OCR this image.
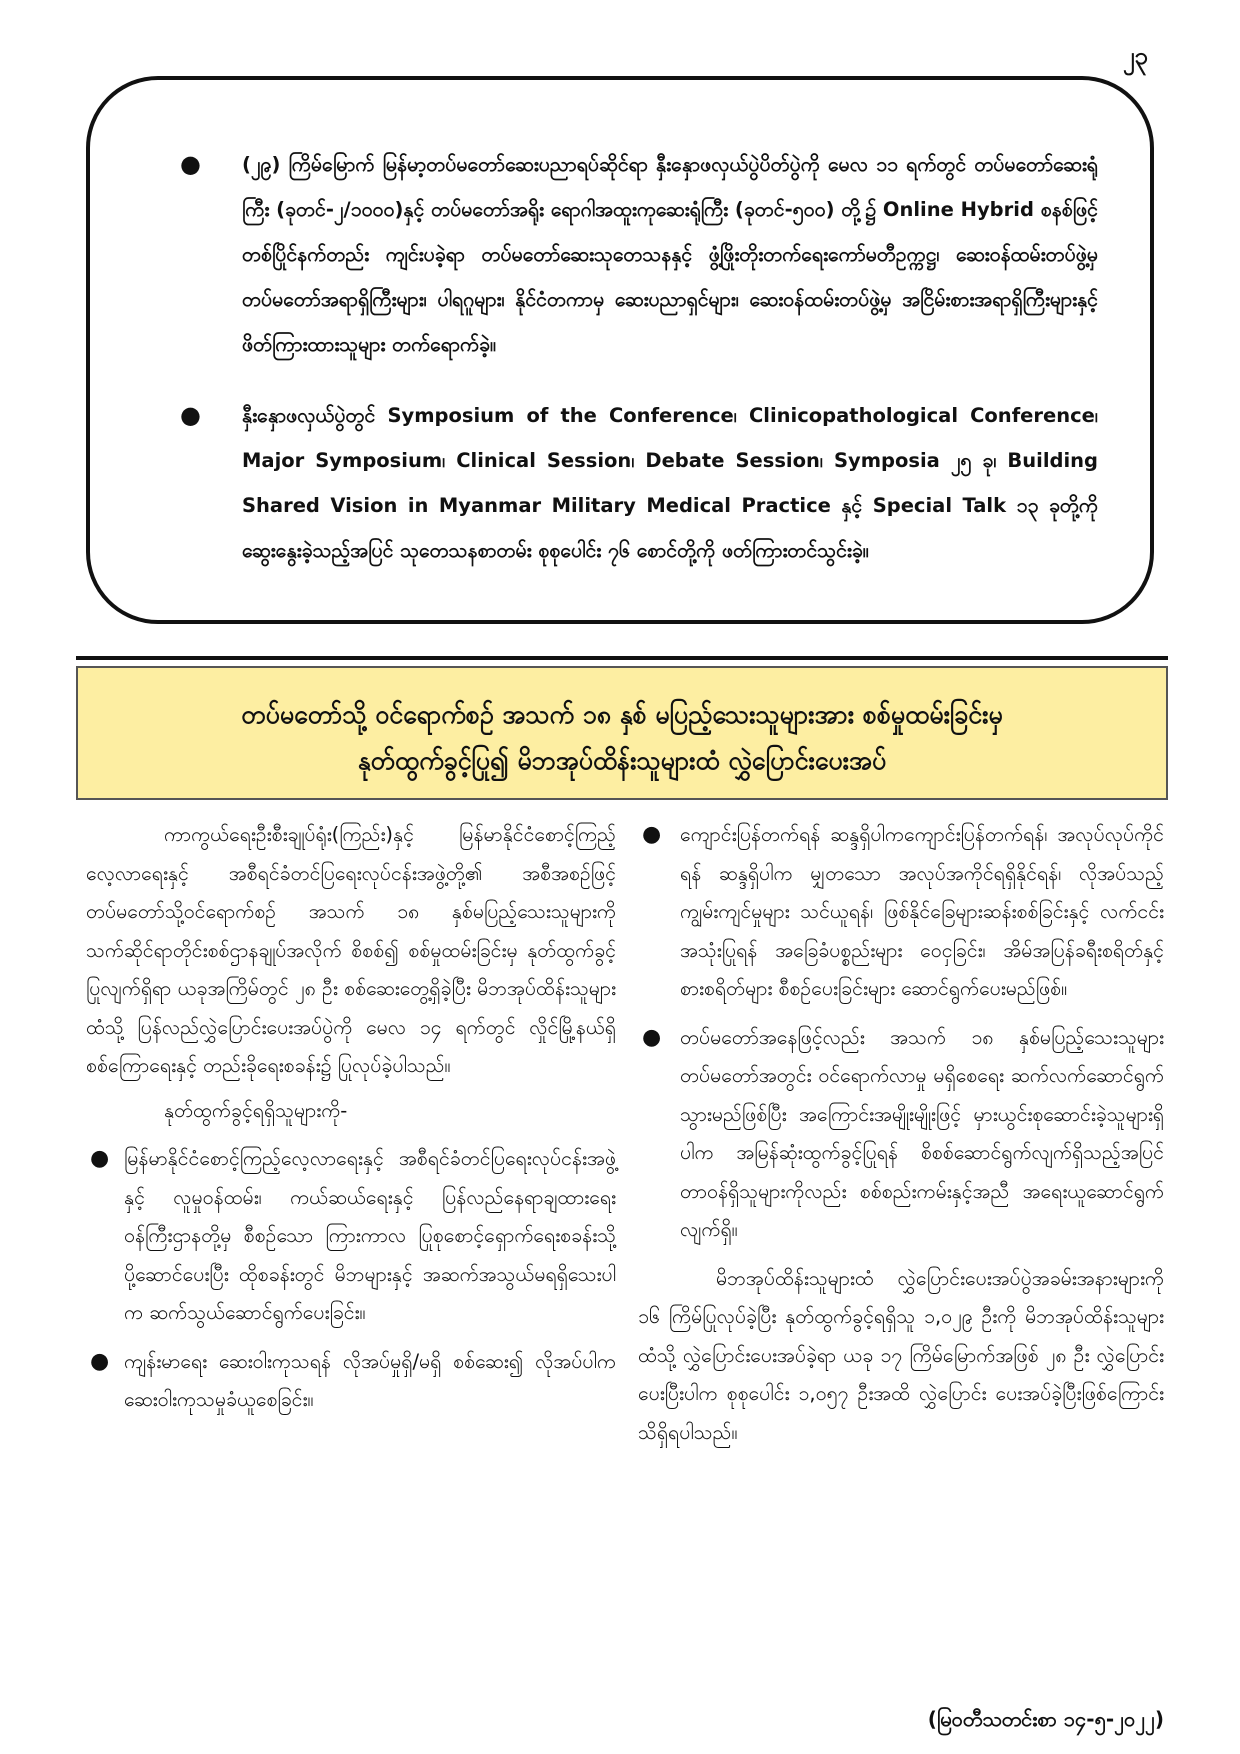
၂၃
● (၂၉) ကြိမ်မြောက် မြန်မာ့တပ်မတော်ဆေးပညာရပ်ဆိုင်ရာ နှီးနှောဖလှယ်ပွဲပိတ်ပွဲကို မေလ ၁၁ ရက်တွင် တပ်မတော်ဆေးရုံကြီး (ခုတင်-၂/၁၀၀၀)နှင့် တပ်မတော်အရိုး ရောဂါအထူးကုဆေးရုံကြီး (ခုတင်-၅၀၀) တို့၌ Online Hybrid စနစ်ဖြင့် တစ်ပြိုင်နက်တည်း ကျင်းပခဲ့ရာ တပ်မတော်ဆေးသုတေသနနှင့် ဖွံ့ဖြိုးတိုးတက်ရေးကော်မတီဥက္ကဋ္ဌ၊ ဆေးဝန်ထမ်းတပ်ဖွဲ့မှ တပ်မတော်အရာရှိကြီးများ၊ ပါရဂူများ၊ နိုင်ငံတကာမှ ဆေးပညာရှင်များ၊ ဆေးဝန်ထမ်းတပ်ဖွဲ့မှ အငြိမ်းစားအရာရှိကြီးများနှင့် ဖိတ်ကြားထားသူများ တက်ရောက်ခဲ့။
● နှီးနှောဖလှယ်ပွဲတွင် Symposium of the Conference၊ Clinicopathological Conference၊ Major Symposium၊ Clinical Session၊ Debate Session၊ Symposia ၂၅ ခု၊ Building Shared Vision in Myanmar Military Medical Practice နှင့် Special Talk ၁၃ ခုတို့ကို ဆွေးနွေးခဲ့သည့်အပြင် သုတေသနစာတမ်း စုစုပေါင်း ၇၆ စောင်တို့ကို ဖတ်ကြားတင်သွင်းခဲ့။
တပ်မတော်သို့ ဝင်ရောက်စဉ် အသက် ၁၈ နှစ် မပြည့်သေးသူများအား စစ်မှုထမ်းခြင်းမှ
နုတ်ထွက်ခွင့်ပြု၍ မိဘအုပ်ထိန်းသူများထံ လွှဲပြောင်းပေးအပ်

ကာကွယ်ရေးဦးစီးချုပ်ရုံး(ကြည်း)နှင့် မြန်မာနိုင်ငံစောင့်ကြည့်လေ့လာရေးနှင့် အစီရင်ခံတင်ပြရေးလုပ်ငန်းအဖွဲ့တို့၏ အစီအစဉ်ဖြင့် တပ်မတော်သို့ဝင်ရောက်စဉ် အသက် ၁၈ နှစ်မပြည့်သေးသူများကို သက်ဆိုင်ရာတိုင်းစစ်ဌာနချုပ်အလိုက် စိစစ်၍ စစ်မှုထမ်းခြင်းမှ နုတ်ထွက်ခွင့်ပြုလျက်ရှိရာ ယခုအကြိမ်တွင် ၂၈ ဦး စစ်ဆေးတွေ့ရှိခဲ့ပြီး မိဘအုပ်ထိန်းသူများထံသို့ ပြန်လည်လွှဲပြောင်းပေးအပ်ပွဲကို မေလ ၁၄ ရက်တွင် လှိုင်မြို့နယ်ရှိ စစ်ကြောရေးနှင့် တည်းခိုရေးစခန်း၌ ပြုလုပ်ခဲ့ပါသည်။

နုတ်ထွက်ခွင့်ရရှိသူများကို-

● မြန်မာနိုင်ငံစောင့်ကြည့်လေ့လာရေးနှင့် အစီရင်ခံတင်ပြရေးလုပ်ငန်းအဖွဲ့နှင့် လူမှုဝန်ထမ်း၊ ကယ်ဆယ်ရေးနှင့် ပြန်လည်နေရာချထားရေးဝန်ကြီးဌာနတို့မှ စီစဉ်သော ကြားကာလ ပြုစုစောင့်ရှောက်ရေးစခန်းသို့ ပို့ဆောင်ပေးပြီး ထိုစခန်းတွင် မိဘများနှင့် အဆက်အသွယ်မရရှိသေးပါက ဆက်သွယ်ဆောင်ရွက်ပေးခြင်း။
● ကျန်းမာရေး ဆေးဝါးကုသရန် လိုအပ်မှုရှိ/မရှိ စစ်ဆေး၍ လိုအပ်ပါက ဆေးဝါးကုသမှုခံယူစေခြင်း။
● ကျောင်းပြန်တက်ရန် ဆန္ဒရှိပါကကျောင်းပြန်တက်ရန်၊ အလုပ်လုပ်ကိုင်ရန် ဆန္ဒရှိပါက မျှတသော အလုပ်အကိုင်ရရှိနိုင်ရန်၊ လိုအပ်သည့်ကျွမ်းကျင်မှုများ သင်ယူရန်၊ ဖြစ်နိုင်ခြေများဆန်းစစ်ခြင်းနှင့် လက်ငင်းအသုံးပြုရန် အခြေခံပစ္စည်းများ ဝေငှခြင်း၊ အိမ်အပြန်ခရီးစရိတ်နှင့် စားစရိတ်များ စီစဉ်ပေးခြင်းများ ဆောင်ရွက်ပေးမည်ဖြစ်။
● တပ်မတော်အနေဖြင့်လည်း အသက် ၁၈ နှစ်မပြည့်သေးသူများ တပ်မတော်အတွင်း ဝင်ရောက်လာမှု မရှိစေရေး ဆက်လက်ဆောင်ရွက်သွားမည်ဖြစ်ပြီး အကြောင်းအမျိုးမျိုးဖြင့် မှားယွင်းစုဆောင်းခဲ့သူများရှိပါက အမြန်ဆုံးထွက်ခွင့်ပြုရန် စိစစ်ဆောင်ရွက်လျက်ရှိသည့်အပြင် တာဝန်ရှိသူများကိုလည်း စစ်စည်းကမ်းနှင့်အညီ အရေးယူဆောင်ရွက်လျက်ရှိ။

မိဘအုပ်ထိန်းသူများထံ လွှဲပြောင်းပေးအပ်ပွဲအခမ်းအနားများကို ၁၆ ကြိမ်ပြုလုပ်ခဲ့ပြီး နုတ်ထွက်ခွင့်ရရှိသူ ၁,၀၂၉ ဦးကို မိဘအုပ်ထိန်းသူများထံသို့ လွှဲပြောင်းပေးအပ်ခဲ့ရာ ယခု ၁၇ ကြိမ်မြောက်အဖြစ် ၂၈ ဦး လွှဲပြောင်းပေးပြီးပါက စုစုပေါင်း ၁,၀၅၇ ဦးအထိ လွှဲပြောင်း ပေးအပ်ခဲ့ပြီးဖြစ်ကြောင်း သိရှိရပါသည်။

(မြဝတီသတင်းစာ ၁၄-၅-၂၀၂၂)
